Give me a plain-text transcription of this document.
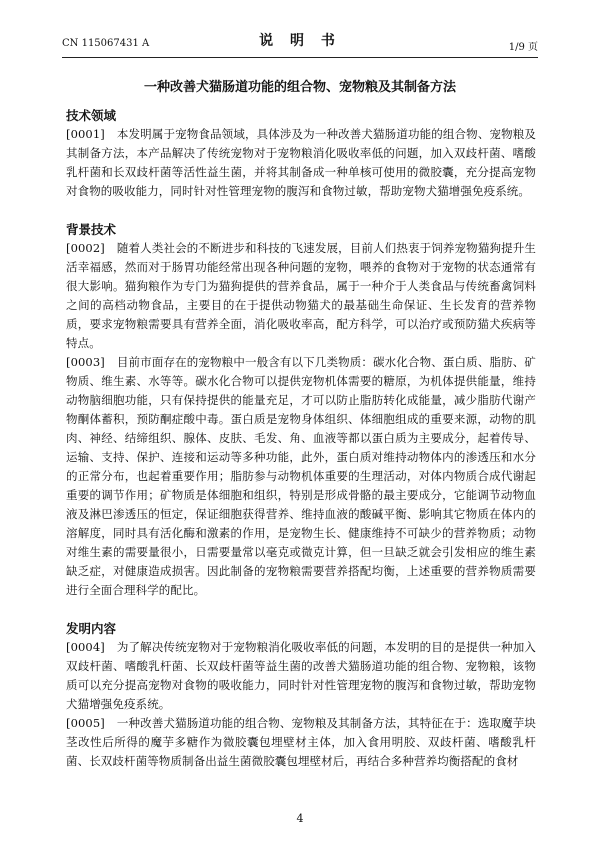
CN 115067431 A	说 明 书	1/9 页
一种改善犬猫肠道功能的组合物、宠物粮及其制备方法

技术领域

[0001] 本发明属于宠物食品领域，具体涉及为一种改善犬猫肠道功能的组合物、宠物粮及其制备方法，本产品解决了传统宠物对于宠物粮消化吸收率低的问题，加入双歧杆菌、嗜酸乳杆菌和长双歧杆菌等活性益生菌，并将其制备成一种单核可使用的微胶囊，充分提高宠物对食物的吸收能力，同时针对性管理宠物的腹泻和食物过敏，帮助宠物犬猫增强免疫系统。

背景技术

[0002] 随着人类社会的不断进步和科技的飞速发展，目前人们热衷于饲养宠物猫狗提升生活幸福感，然而对于肠胃功能经常出现各种问题的宠物，喂养的食物对于宠物的状态通常有很大影响。猫狗粮作为专门为猫狗提供的营养食品，属于一种介于人类食品与传统畜禽饲料之间的高档动物食品，主要目的在于提供动物猫犬的最基础生命保证、生长发育的营养物质，要求宠物粮需要具有营养全面，消化吸收率高，配方科学，可以治疗或预防猫犬疾病等特点。

[0003] 目前市面存在的宠物粮中一般含有以下几类物质：碳水化合物、蛋白质、脂肪、矿物质、维生素、水等等。碳水化合物可以提供宠物机体需要的糖原，为机体提供能量，维持动物脑细胞功能，只有保持提供的能量充足，才可以防止脂肪转化成能量，减少脂肪代谢产物酮体蓄积，预防酮症酸中毒。蛋白质是宠物身体组织、体细胞组成的重要来源，动物的肌肉、神经、结缔组织、腺体、皮肤、毛发、角、血液等都以蛋白质为主要成分，起着传导、运输、支持、保护、连接和运动等多种功能，此外，蛋白质对维持动物体内的渗透压和水分的正常分布，也起着重要作用；脂肪参与动物机体重要的生理活动，对体内物质合成代谢起重要的调节作用；矿物质是体细胞和组织，特别是形成骨骼的最主要成分，它能调节动物血液及淋巴渗透压的恒定，保证细胞获得营养、维持血液的酸碱平衡、影响其它物质在体内的溶解度，同时具有活化酶和激素的作用，是宠物生长、健康维持不可缺少的营养物质；动物对维生素的需要量很小，日需要量常以毫克或微克计算，但一旦缺乏就会引发相应的维生素缺乏症，对健康造成损害。因此制备的宠物粮需要营养搭配均衡，上述重要的营养物质需要进行全面合理科学的配比。

发明内容

[0004] 为了解决传统宠物对于宠物粮消化吸收率低的问题，本发明的目的是提供一种加入双歧杆菌、嗜酸乳杆菌、长双歧杆菌等益生菌的改善犬猫肠道功能的组合物、宠物粮，该物质可以充分提高宠物对食物的吸收能力，同时针对性管理宠物的腹泻和食物过敏，帮助宠物犬猫增强免疫系统。

[0005] 一种改善犬猫肠道功能的组合物、宠物粮及其制备方法，其特征在于：选取魔芋块茎改性后所得的魔芋多糖作为微胶囊包埋壁材主体，加入食用明胶、双歧杆菌、嗜酸乳杆菌、长双歧杆菌等物质制备出益生菌微胶囊包埋壁材后，再结合多种营养均衡搭配的食材

4
